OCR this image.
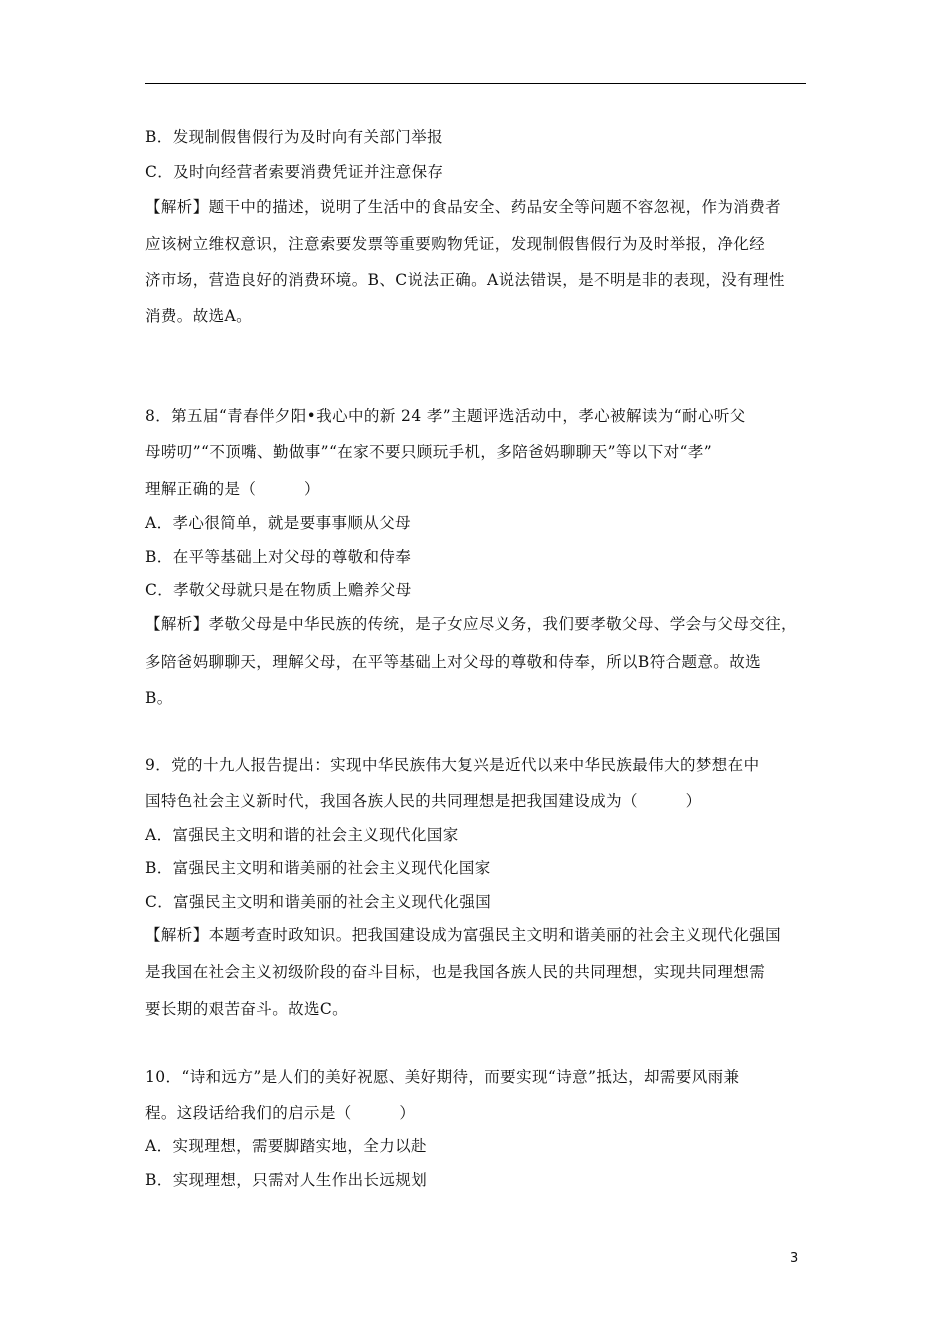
B．发现制假售假行为及时向有关部门举报
C．及时向经营者索要消费凭证并注意保存
【解析】题干中的描述，说明了生活中的食品安全、药品安全等问题不容忽视，作为消费者
应该树立维权意识，注意索要发票等重要购物凭证，发现制假售假行为及时举报，净化经
济市场，营造良好的消费环境。B、C说法正确。A说法错误，是不明是非的表现，没有理性
消费。故选A。
8．第五届“青春伴夕阳•我心中的新 24 孝”主题评选活动中，孝心被解读为“耐心听父
母唠叨”“不顶嘴、勤做事”“在家不要只顾玩手机，多陪爸妈聊聊天”等以下对“孝”
理解正确的是（　　　）
A．孝心很简单，就是要事事顺从父母
B．在平等基础上对父母的尊敬和侍奉
C．孝敬父母就只是在物质上赡养父母
【解析】孝敬父母是中华民族的传统，是子女应尽义务，我们要孝敬父母、学会与父母交往，
多陪爸妈聊聊天，理解父母，在平等基础上对父母的尊敬和侍奉，所以B符合题意。故选
B。
9．党的十九人报告提出：实现中华民族伟大复兴是近代以来中华民族最伟大的梦想在中
国特色社会主义新时代，我国各族人民的共同理想是把我国建设成为（　　　）
A．富强民主文明和谐的社会主义现代化国家
B．富强民主文明和谐美丽的社会主义现代化国家
C．富强民主文明和谐美丽的社会主义现代化强国
【解析】本题考查时政知识。把我国建设成为富强民主文明和谐美丽的社会主义现代化强国
是我国在社会主义初级阶段的奋斗目标，也是我国各族人民的共同理想，实现共同理想需
要长期的艰苦奋斗。故选C。
10．“诗和远方”是人们的美好祝愿、美好期待，而要实现“诗意”抵达，却需要风雨兼
程。这段话给我们的启示是（　　　）
A．实现理想，需要脚踏实地，全力以赴
B．实现理想，只需对人生作出长远规划
3
